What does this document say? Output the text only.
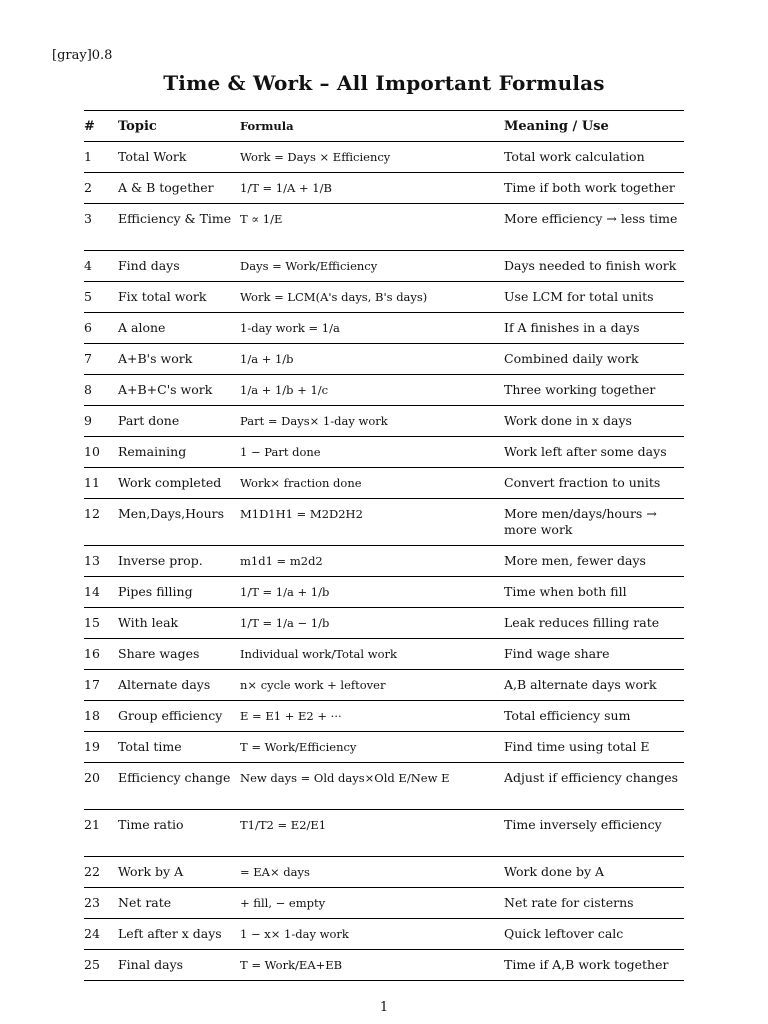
[gray]0.8
Time & Work – All Important Formulas
#	Topic	Formula	Meaning / Use
1	Total Work	Work = Days × Efficiency	Total work calculation
2	A & B together	1/T = 1/A + 1/B	Time if both work together
3	Efficiency & Time	T ∝ 1/E	More efficiency → less time
4	Find days	Days = Work/Efficiency	Days needed to finish work
5	Fix total work	Work = LCM(A's days, B's days)	Use LCM for total units
6	A alone	1-day work = 1/a	If A finishes in a days
7	A+B's work	1/a + 1/b	Combined daily work
8	A+B+C's work	1/a + 1/b + 1/c	Three working together
9	Part done	Part = Days× 1-day work	Work done in x days
10	Remaining	1 − Part done	Work left after some days
11	Work completed	Work× fraction done	Convert fraction to units
12	Men,Days,Hours	M1D1H1 = M2D2H2	More men/days/hours → more work
13	Inverse prop.	m1d1 = m2d2	More men, fewer days
14	Pipes filling	1/T = 1/a + 1/b	Time when both fill
15	With leak	1/T = 1/a − 1/b	Leak reduces filling rate
16	Share wages	Individual work/Total work	Find wage share
17	Alternate days	n× cycle work + leftover	A,B alternate days work
18	Group efficiency	E = E1 + E2 + ···	Total efficiency sum
19	Total time	T = Work/Efficiency	Find time using total E
20	Efficiency change	New days = Old days×Old E/New E	Adjust if efficiency changes
21	Time ratio	T1/T2 = E2/E1	Time inversely efficiency
22	Work by A	= EA× days	Work done by A
23	Net rate	+ fill, − empty	Net rate for cisterns
24	Left after x days	1 − x× 1-day work	Quick leftover calc
25	Final days	T = Work/EA+EB	Time if A,B work together
1
